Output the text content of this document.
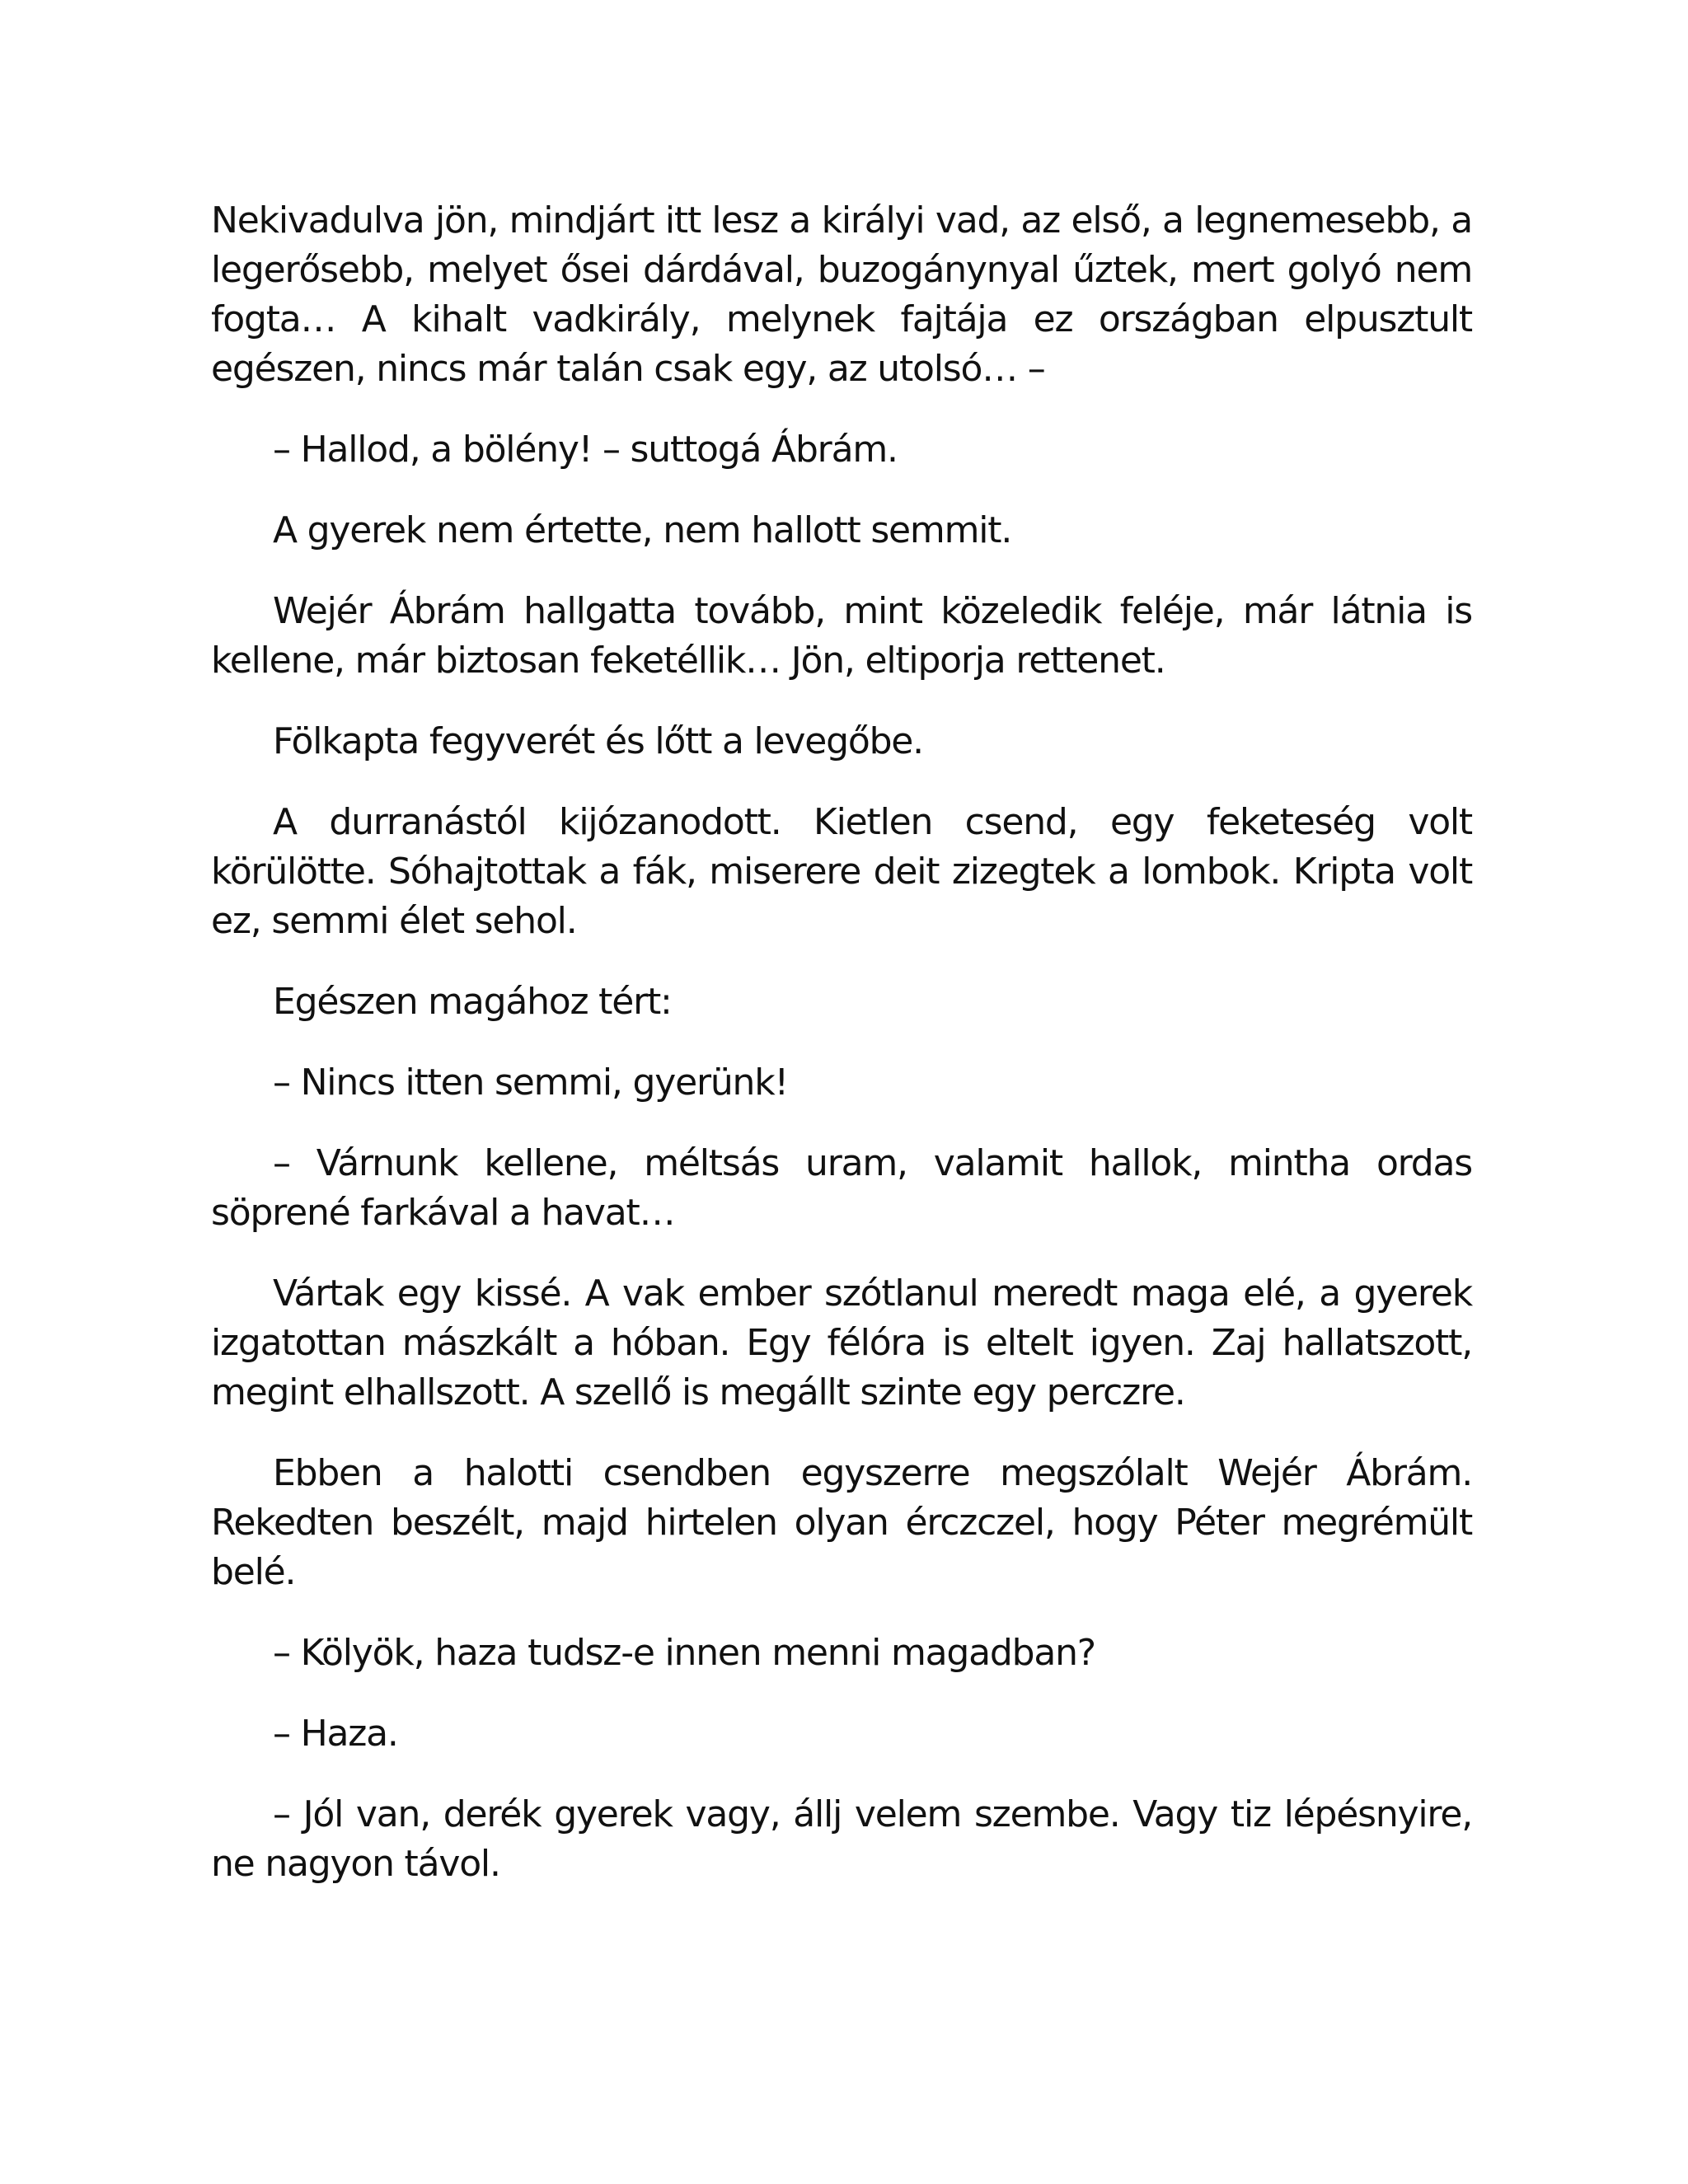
Nekivadulva jön, mindjárt itt lesz a királyi vad, az első, a legnemesebb, a legerősebb, melyet ősei dárdával, buzogánynyal űztek, mert golyó nem fogta… A kihalt vadkirály, melynek fajtája ez országban elpusztult egészen, nincs már talán csak egy, az utolsó… –

– Hallod, a bölény! – suttogá Ábrám.

A gyerek nem értette, nem hallott semmit.

Wejér Ábrám hallgatta tovább, mint közeledik feléje, már látnia is kellene, már biztosan feketéllik… Jön, eltiporja rettenet.

Fölkapta fegyverét és lőtt a levegőbe.

A durranástól kijózanodott. Kietlen csend, egy feketeség volt körülötte. Sóhajtottak a fák, miserere deit zizegtek a lombok. Kripta volt ez, semmi élet sehol.

Egészen magához tért:

– Nincs itten semmi, gyerünk!

– Várnunk kellene, méltsás uram, valamit hallok, mintha ordas söprené farkával a havat…

Vártak egy kissé. A vak ember szótlanul meredt maga elé, a gyerek izgatottan mászkált a hóban. Egy félóra is eltelt igyen. Zaj hallatszott, megint elhallszott. A szellő is megállt szinte egy perczre.

Ebben a halotti csendben egyszerre megszólalt Wejér Ábrám. Rekedten beszélt, majd hirtelen olyan érczczel, hogy Péter megrémült belé.

– Kölyök, haza tudsz-e innen menni magadban?

– Haza.

– Jól van, derék gyerek vagy, állj velem szembe. Vagy tiz lépésnyire, ne nagyon távol.
